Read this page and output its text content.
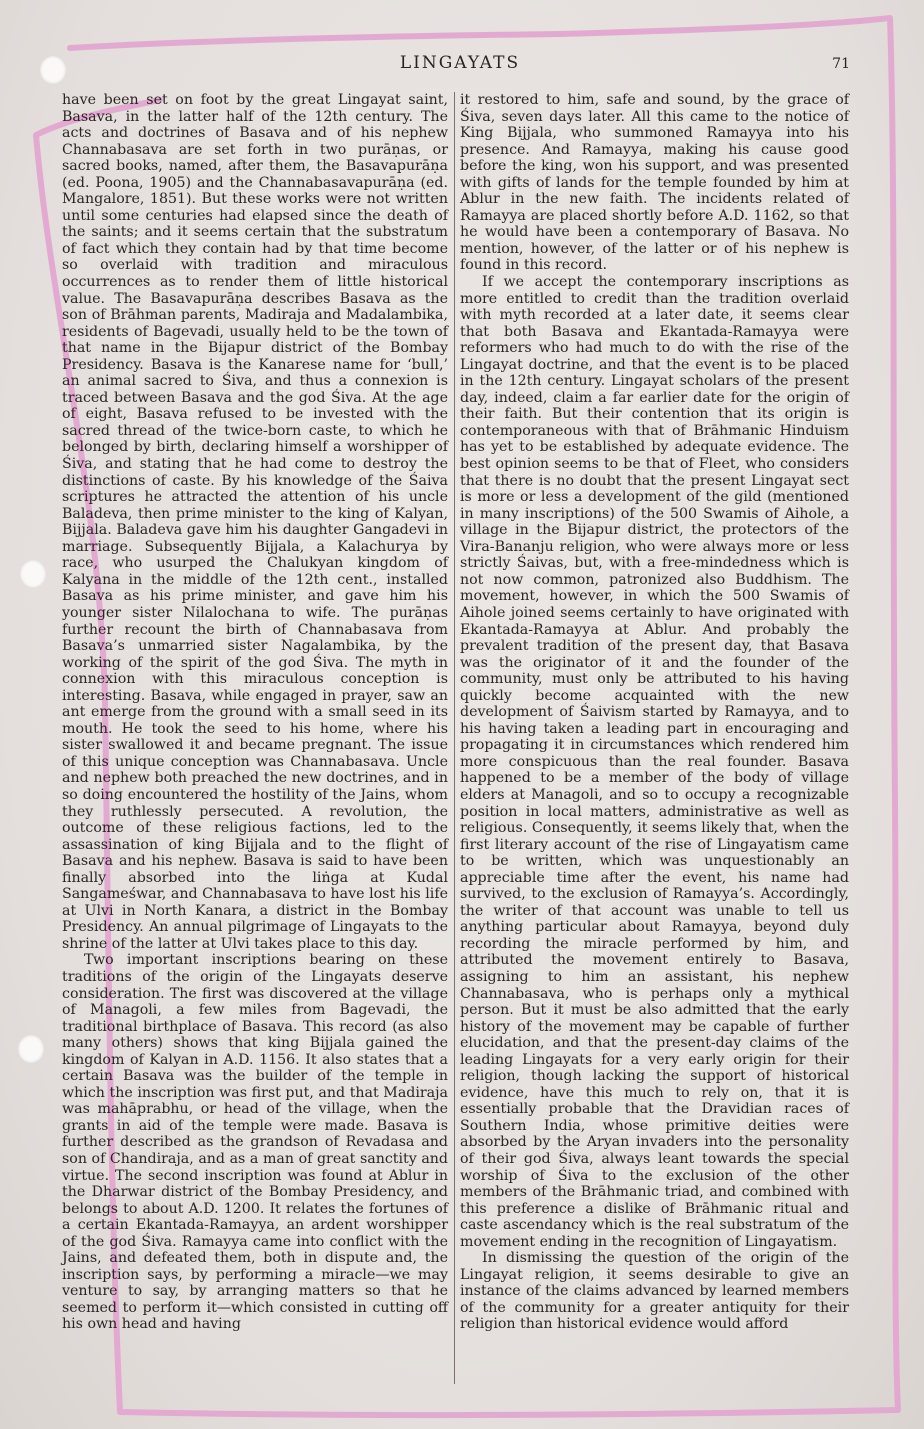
LINGAYATS	71

have been set on foot by the great Lingayat saint, Basava, in the latter half of the 12th century. The acts and doctrines of Basava and of his nephew Channabasava are set forth in two purāṇas, or sacred books, named, after them, the Basavapurāṇa (ed. Poona, 1905) and the Channabasavapurāṇa (ed. Mangalore, 1851). But these works were not written until some centuries had elapsed since the death of the saints; and it seems certain that the substratum of fact which they contain had by that time become so overlaid with tradition and miraculous occurrences as to render them of little historical value. The Basavapurāṇa describes Basava as the son of Brāhman parents, Madiraja and Madalambika, residents of Bagevadi, usually held to be the town of that name in the Bijapur district of the Bombay Presidency. Basava is the Kanarese name for ‘bull,’ an animal sacred to Śiva, and thus a connexion is traced between Basava and the god Śiva. At the age of eight, Basava refused to be invested with the sacred thread of the twice-born caste, to which he belonged by birth, declaring himself a worshipper of Śiva, and stating that he had come to destroy the distinctions of caste. By his knowledge of the Śaiva scriptures he attracted the attention of his uncle Baladeva, then prime minister to the king of Kalyan, Bijjala. Baladeva gave him his daughter Gangadevi in marriage. Subsequently Bijjala, a Kalachurya by race, who usurped the Chalukyan kingdom of Kalyana in the middle of the 12th cent., installed Basava as his prime minister, and gave him his younger sister Nilalochana to wife. The purāṇas further recount the birth of Channabasava from Basava’s unmarried sister Nagalambika, by the working of the spirit of the god Śiva. The myth in connexion with this miraculous conception is interesting. Basava, while engaged in prayer, saw an ant emerge from the ground with a small seed in its mouth. He took the seed to his home, where his sister swallowed it and became pregnant. The issue of this unique conception was Channabasava. Uncle and nephew both preached the new doctrines, and in so doing encountered the hostility of the Jains, whom they ruthlessly persecuted. A revolution, the outcome of these religious factions, led to the assassination of king Bijjala and to the flight of Basava and his nephew. Basava is said to have been finally absorbed into the liṅga at Kudal Sangameśwar, and Channabasava to have lost his life at Ulvi in North Kanara, a district in the Bombay Presidency. An annual pilgrimage of Lingayats to the shrine of the latter at Ulvi takes place to this day.

Two important inscriptions bearing on these traditions of the origin of the Lingayats deserve consideration. The first was discovered at the village of Managoli, a few miles from Bagevadi, the traditional birthplace of Basava. This record (as also many others) shows that king Bijjala gained the kingdom of Kalyan in A.D. 1156. It also states that a certain Basava was the builder of the temple in which the inscription was first put, and that Madiraja was mahāprabhu, or head of the village, when the grants in aid of the temple were made. Basava is further described as the grandson of Revadasa and son of Chandiraja, and as a man of great sanctity and virtue. The second inscription was found at Ablur in the Dharwar district of the Bombay Presidency, and belongs to about A.D. 1200. It relates the fortunes of a certain Ekantada-Ramayya, an ardent worshipper of the god Śiva. Ramayya came into conflict with the Jains, and defeated them, both in dispute and, the inscription says, by performing a miracle—we may venture to say, by arranging matters so that he seemed to perform it—which consisted in cutting off his own head and having

it restored to him, safe and sound, by the grace of Śiva, seven days later. All this came to the notice of King Bijjala, who summoned Ramayya into his presence. And Ramayya, making his cause good before the king, won his support, and was presented with gifts of lands for the temple founded by him at Ablur in the new faith. The incidents related of Ramayya are placed shortly before A.D. 1162, so that he would have been a contemporary of Basava. No mention, however, of the latter or of his nephew is found in this record.

If we accept the contemporary inscriptions as more entitled to credit than the tradition overlaid with myth recorded at a later date, it seems clear that both Basava and Ekantada-Ramayya were reformers who had much to do with the rise of the Lingayat doctrine, and that the event is to be placed in the 12th century. Lingayat scholars of the present day, indeed, claim a far earlier date for the origin of their faith. But their contention that its origin is contemporaneous with that of Brāhmanic Hinduism has yet to be established by adequate evidence. The best opinion seems to be that of Fleet, who considers that there is no doubt that the present Lingayat sect is more or less a development of the gild (mentioned in many inscriptions) of the 500 Swamis of Aihole, a village in the Bijapur district, the protectors of the Vira-Bananju religion, who were always more or less strictly Śaivas, but, with a free-mindedness which is not now common, patronized also Buddhism. The movement, however, in which the 500 Swamis of Aihole joined seems certainly to have originated with Ekantada-Ramayya at Ablur. And probably the prevalent tradition of the present day, that Basava was the originator of it and the founder of the community, must only be attributed to his having quickly become acquainted with the new development of Śaivism started by Ramayya, and to his having taken a leading part in encouraging and propagating it in circumstances which rendered him more conspicuous than the real founder. Basava happened to be a member of the body of village elders at Managoli, and so to occupy a recognizable position in local matters, administrative as well as religious. Consequently, it seems likely that, when the first literary account of the rise of Lingayatism came to be written, which was unquestionably an appreciable time after the event, his name had survived, to the exclusion of Ramayya’s. Accordingly, the writer of that account was unable to tell us anything particular about Ramayya, beyond duly recording the miracle performed by him, and attributed the movement entirely to Basava, assigning to him an assistant, his nephew Channabasava, who is perhaps only a mythical person. But it must be also admitted that the early history of the movement may be capable of further elucidation, and that the present-day claims of the leading Lingayats for a very early origin for their religion, though lacking the support of historical evidence, have this much to rely on, that it is essentially probable that the Dravidian races of Southern India, whose primitive deities were absorbed by the Aryan invaders into the personality of their god Śiva, always leant towards the special worship of Śiva to the exclusion of the other members of the Brāhmanic triad, and combined with this preference a dislike of Brāhmanic ritual and caste ascendancy which is the real substratum of the movement ending in the recognition of Lingayatism.

In dismissing the question of the origin of the Lingayat religion, it seems desirable to give an instance of the claims advanced by learned members of the community for a greater antiquity for their religion than historical evidence would afford
